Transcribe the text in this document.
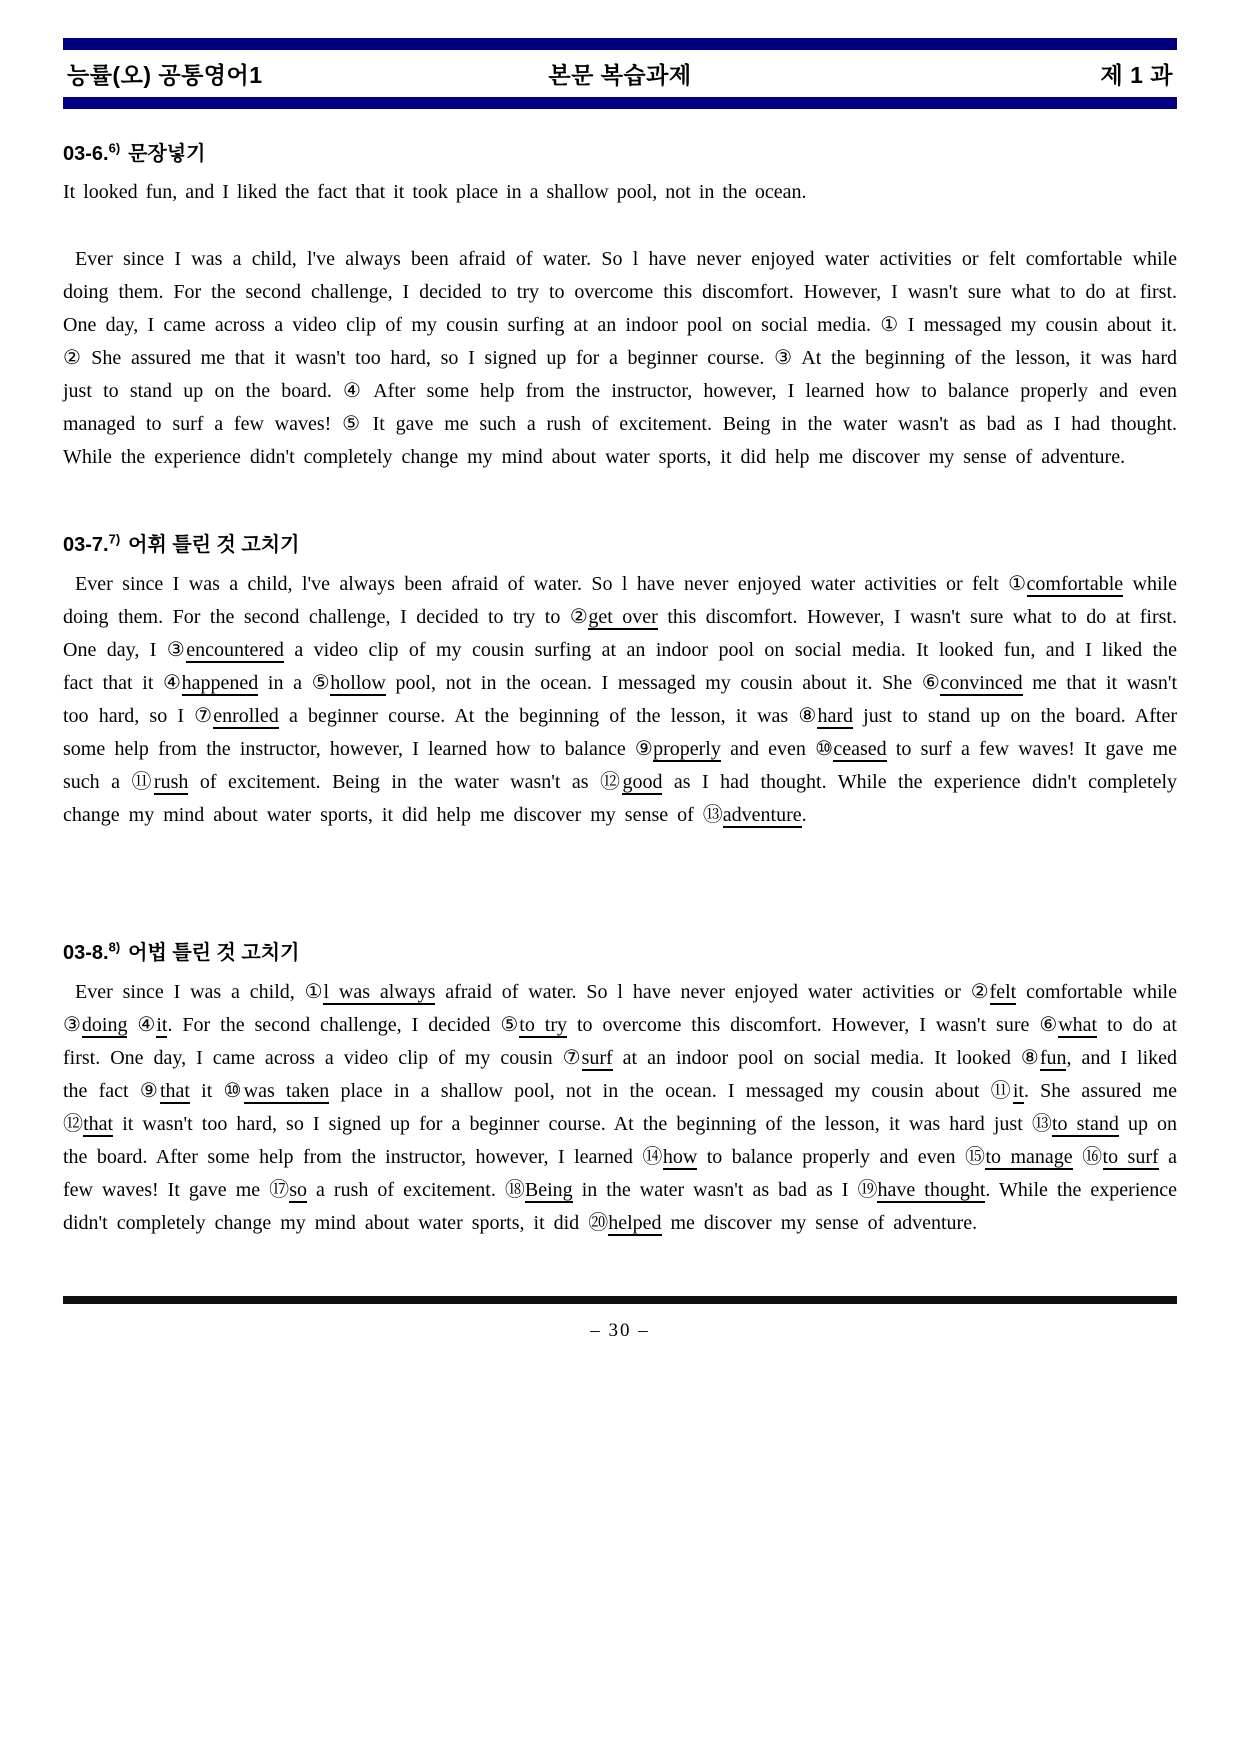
능률(오) 공통영어1	본문 복습과제	제 1 과
03-6.$^{6)}$ 문장넣기

It looked fun, and I liked the fact that it took place in a shallow pool, not in the ocean.

Ever since I was a child, l've always been afraid of water. So l have never enjoyed water activities or felt comfortable while doing them. For the second challenge, I decided to try to overcome this discomfort. However, I wasn't sure what to do at first. One day, I came across a video clip of my cousin surfing at an indoor pool on social media. ① I messaged my cousin about it. ② She assured me that it wasn't too hard, so I signed up for a beginner course. ③ At the beginning of the lesson, it was hard just to stand up on the board. ④ After some help from the instructor, however, I learned how to balance properly and even managed to surf a few waves! ⑤ It gave me such a rush of excitement. Being in the water wasn't as bad as I had thought. While the experience didn't completely change my mind about water sports, it did help me discover my sense of adventure.

03-7.$^{7)}$ 어휘 틀린 것 고치기

Ever since I was a child, l've always been afraid of water. So l have never enjoyed water activities or felt ①comfortable while doing them. For the second challenge, I decided to try to ②get over this discomfort. However, I wasn't sure what to do at first. One day, I ③encountered a video clip of my cousin surfing at an indoor pool on social media. It looked fun, and I liked the fact that it ④happened in a ⑤hollow pool, not in the ocean. I messaged my cousin about it. She ⑥convinced me that it wasn't too hard, so I ⑦enrolled a beginner course. At the beginning of the lesson, it was ⑧hard just to stand up on the board. After some help from the instructor, however, I learned how to balance ⑨properly and even ⑩ceased to surf a few waves! It gave me such a ⑪rush of excitement. Being in the water wasn't as ⑫good as I had thought. While the experience didn't completely change my mind about water sports, it did help me discover my sense of ⑬adventure.

03-8.$^{8)}$ 어법 틀린 것 고치기

Ever since I was a child, ①l was always afraid of water. So l have never enjoyed water activities or ②felt comfortable while ③doing ④it. For the second challenge, I decided ⑤to try to overcome this discomfort. However, I wasn't sure ⑥what to do at first. One day, I came across a video clip of my cousin ⑦surf at an indoor pool on social media. It looked ⑧fun, and I liked the fact ⑨that it ⑩was taken place in a shallow pool, not in the ocean. I messaged my cousin about ⑪it. She assured me ⑫that it wasn't too hard, so I signed up for a beginner course. At the beginning of the lesson, it was hard just ⑬to stand up on the board. After some help from the instructor, however, I learned ⑭how to balance properly and even ⑮to manage ⑯to surf a few waves! It gave me ⑰so a rush of excitement. ⑱Being in the water wasn't as bad as I ⑲have thought. While the experience didn't completely change my mind about water sports, it did ⑳helped me discover my sense of adventure.

– 30 –
